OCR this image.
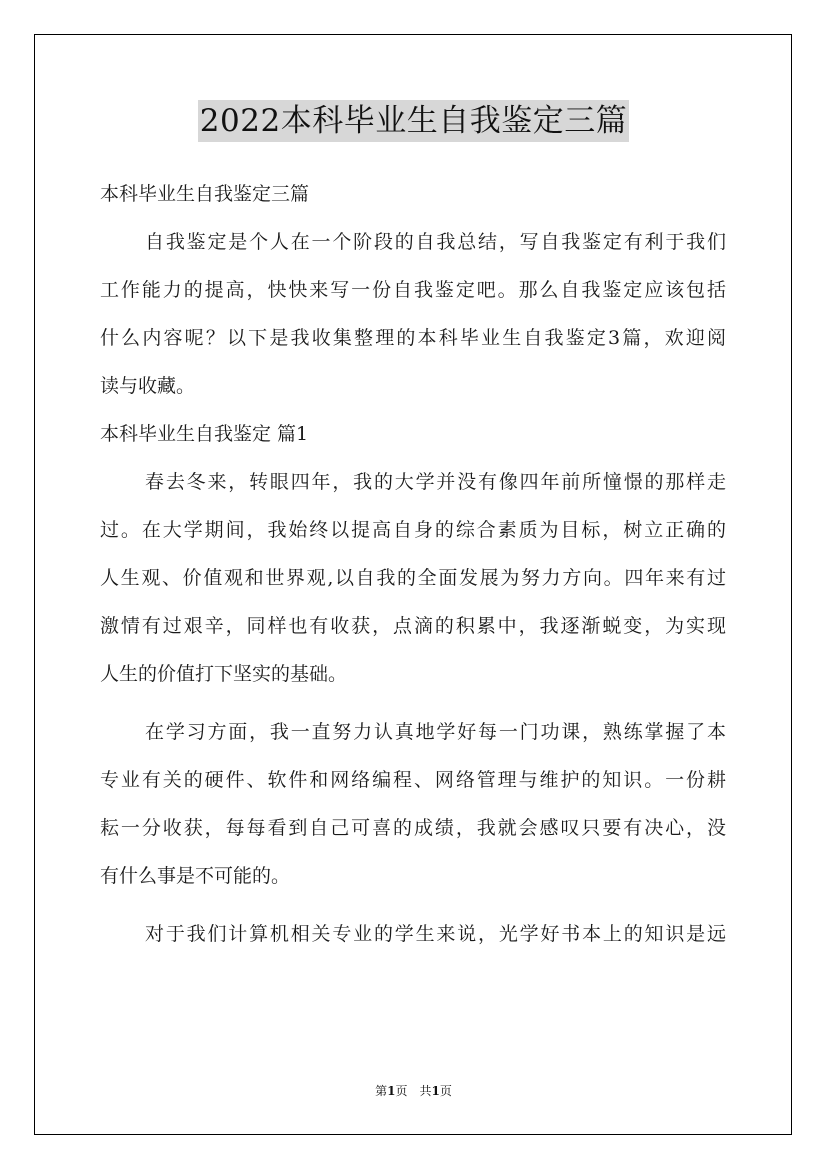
2022本科毕业生自我鉴定三篇
本科毕业生自我鉴定三篇
自我鉴定是个人在一个阶段的自我总结，写自我鉴定有利于我们
工作能力的提高，快快来写一份自我鉴定吧。那么自我鉴定应该包括
什么内容呢？以下是我收集整理的本科毕业生自我鉴定3篇，欢迎阅
读与收藏。
本科毕业生自我鉴定 篇1
春去冬来，转眼四年，我的大学并没有像四年前所憧憬的那样走
过。在大学期间，我始终以提高自身的综合素质为目标，树立正确的
人生观、价值观和世界观,以自我的全面发展为努力方向。四年来有过
激情有过艰辛，同样也有收获，点滴的积累中，我逐渐蜕变，为实现
人生的价值打下坚实的基础。
在学习方面，我一直努力认真地学好每一门功课，熟练掌握了本
专业有关的硬件、软件和网络编程、网络管理与维护的知识。一份耕
耘一分收获，每每看到自己可喜的成绩，我就会感叹只要有决心，没
有什么事是不可能的。
对于我们计算机相关专业的学生来说，光学好书本上的知识是远
第1页　共1页
